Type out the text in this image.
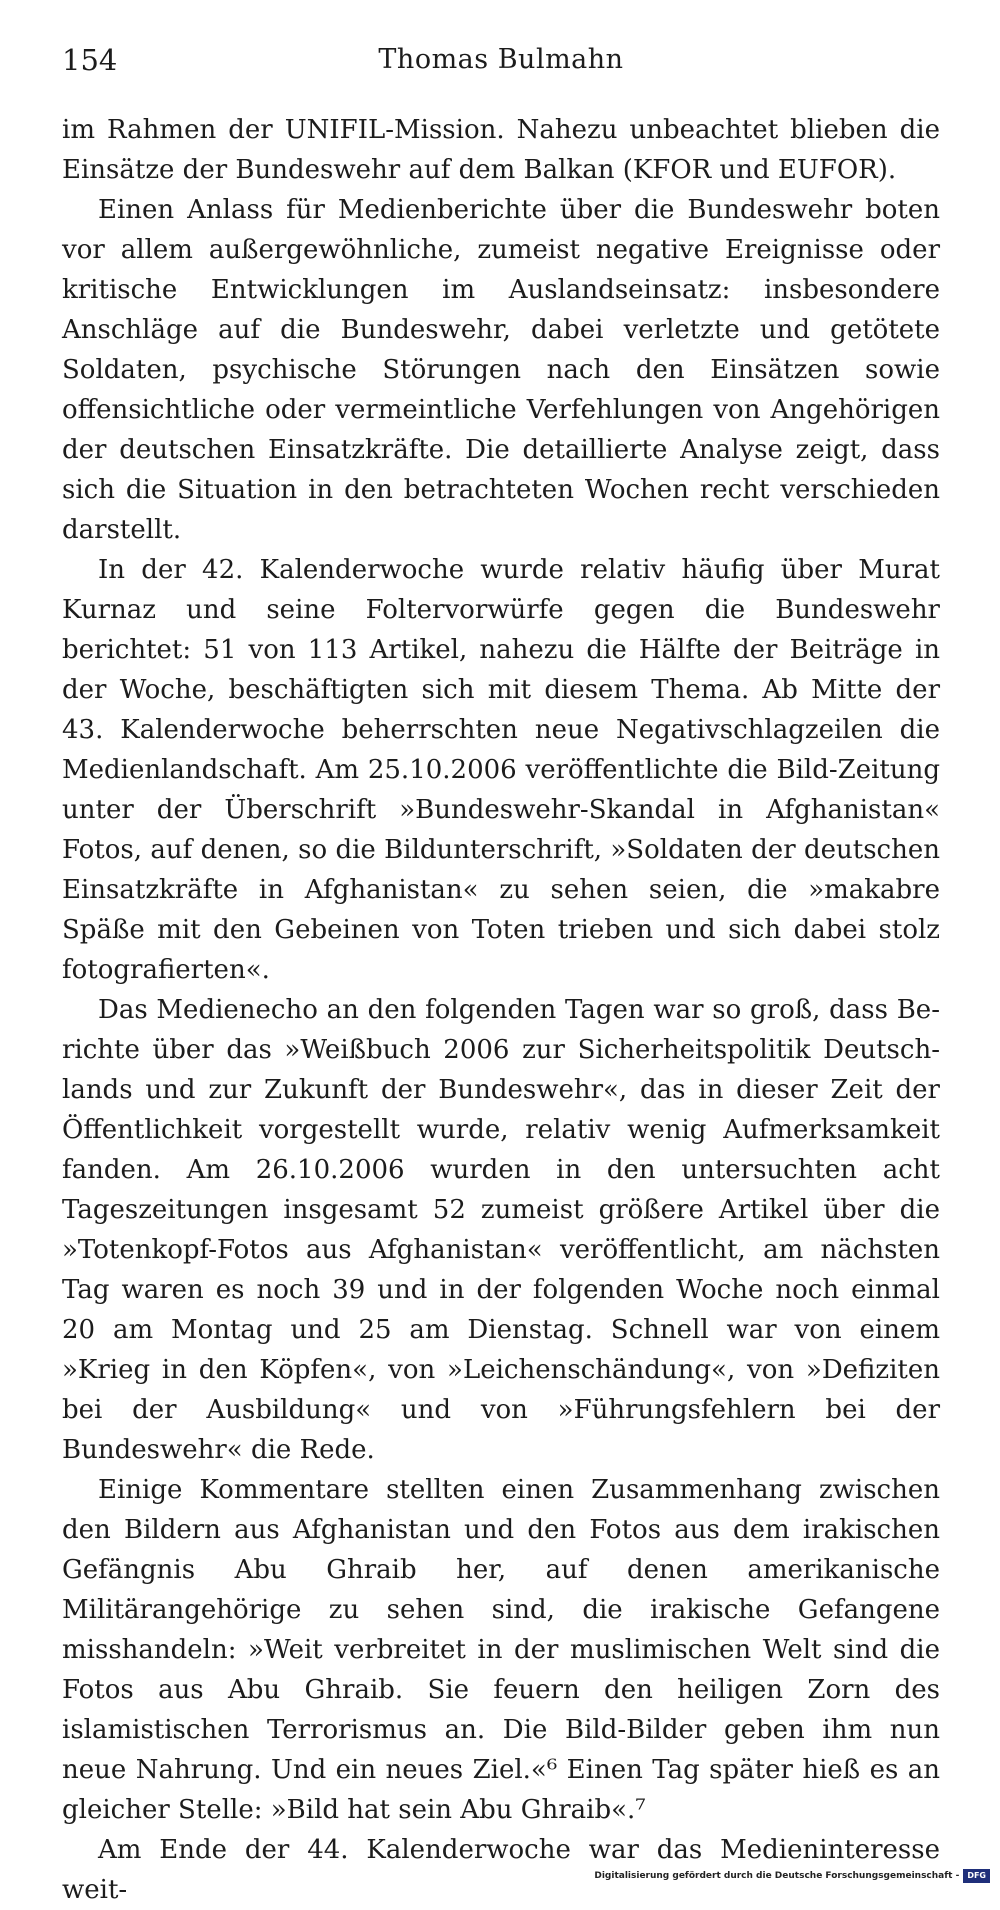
154	Thomas Bulmahn

im Rahmen der UNIFIL-Mission. Nahezu unbeachtet blieben die Einsätze der Bundeswehr auf dem Balkan (KFOR und EUFOR).

Einen Anlass für Medienberichte über die Bundeswehr boten vor allem außergewöhnliche, zumeist negative Ereignisse oder kritische Entwicklungen im Auslandseinsatz: insbesondere Anschläge auf die Bundeswehr, dabei verletzte und getötete Soldaten, psychische Störungen nach den Einsätzen sowie offensichtliche oder vermeintliche Verfehlungen von Angehörigen der deutschen Einsatzkräfte. Die detaillierte Analyse zeigt, dass sich die Situation in den betrachteten Wochen recht verschieden darstellt.

In der 42. Kalenderwoche wurde relativ häufig über Murat Kurnaz und seine Foltervorwürfe gegen die Bundeswehr berichtet: 51 von 113 Artikel, nahezu die Hälfte der Beiträge in der Woche, beschäftigten sich mit diesem Thema. Ab Mitte der 43. Kalenderwoche beherrschten neue Negativschlagzeilen die Medienlandschaft. Am 25.10.2006 veröffentlichte die Bild-Zeitung unter der Überschrift »Bundeswehr-Skandal in Afghanistan« Fotos, auf denen, so die Bildunterschrift, »Soldaten der deutschen Einsatzkräfte in Afghanistan« zu sehen seien, die »makabre Späße mit den Gebeinen von Toten trieben und sich dabei stolz fotografierten«.

Das Medienecho an den folgenden Tagen war so groß, dass Berichte über das »Weißbuch 2006 zur Sicherheitspolitik Deutschlands und zur Zukunft der Bundeswehr«, das in dieser Zeit der Öffentlichkeit vorgestellt wurde, relativ wenig Aufmerksamkeit fanden. Am 26.10.2006 wurden in den untersuchten acht Tageszeitungen insgesamt 52 zumeist größere Artikel über die »Totenkopf-Fotos aus Afghanistan« veröffentlicht, am nächsten Tag waren es noch 39 und in der folgenden Woche noch einmal 20 am Montag und 25 am Dienstag. Schnell war von einem »Krieg in den Köpfen«, von »Leichenschändung«, von »Defiziten bei der Ausbildung« und von »Führungsfehlern bei der Bundeswehr« die Rede.

Einige Kommentare stellten einen Zusammenhang zwischen den Bildern aus Afghanistan und den Fotos aus dem irakischen Gefängnis Abu Ghraib her, auf denen amerikanische Militärangehörige zu sehen sind, die irakische Gefangene misshandeln: »Weit verbreitet in der muslimischen Welt sind die Fotos aus Abu Ghraib. Sie feuern den heiligen Zorn des islamistischen Terrorismus an. Die Bild-Bilder geben ihm nun neue Nahrung. Und ein neues Ziel.«⁶ Einen Tag später hieß es an gleicher Stelle: »Bild hat sein Abu Ghraib«.⁷

Am Ende der 44. Kalenderwoche war das Medieninteresse weit-	Digitalisierung gefördert durch die Deutsche Forschungsgemeinschaft -	DFG
